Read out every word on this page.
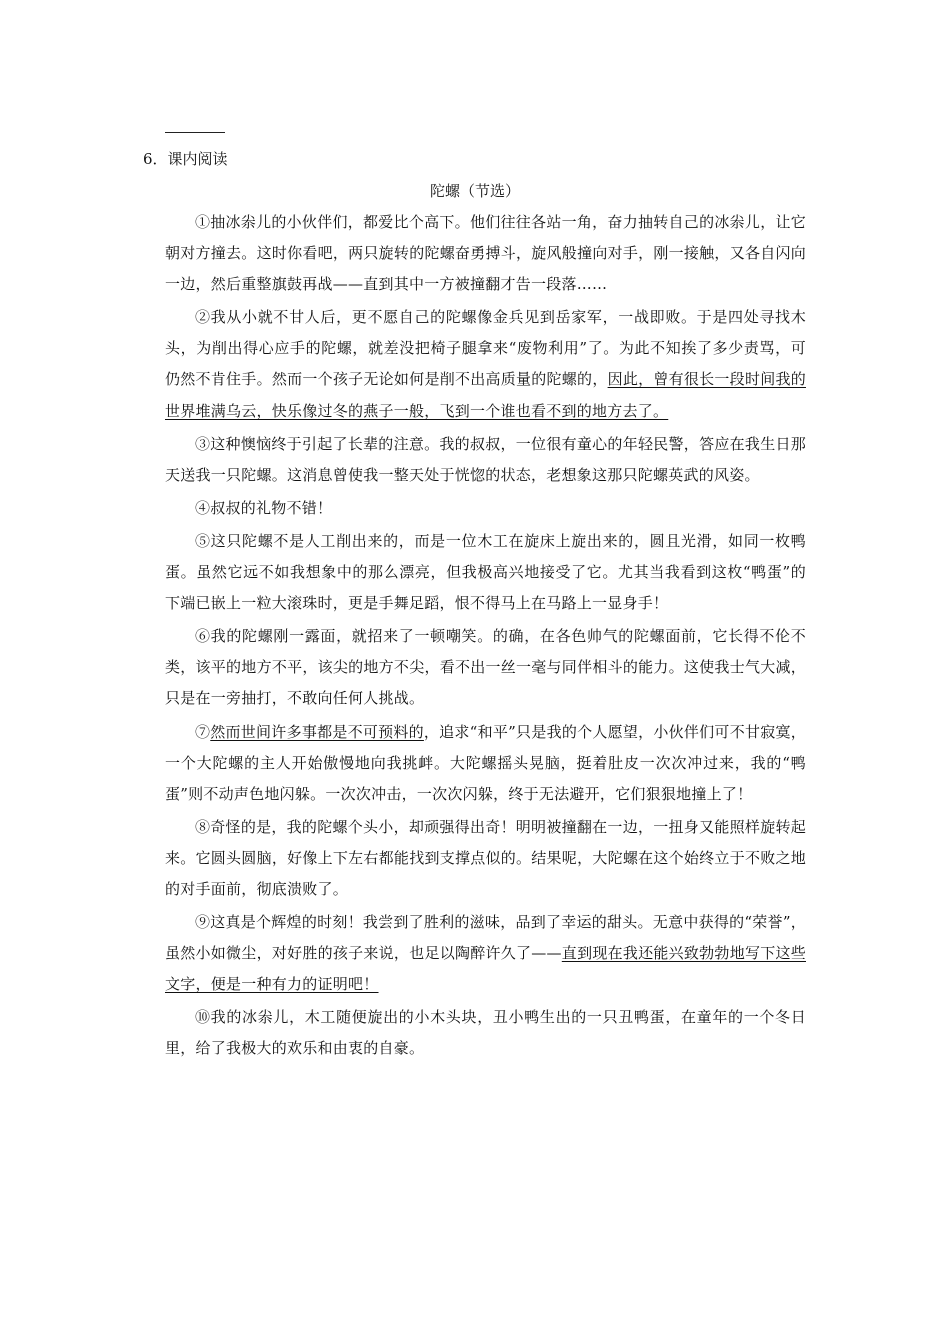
6．课内阅读
陀螺（节选）

①抽冰尜儿的小伙伴们，都爱比个高下。他们往往各站一角，奋力抽转自己的冰尜儿，让它朝对方撞去。这时你看吧，两只旋转的陀螺奋勇搏斗，旋风般撞向对手，刚一接触，又各自闪向一边，然后重整旗鼓再战——直到其中一方被撞翻才告一段落……

②我从小就不甘人后，更不愿自己的陀螺像金兵见到岳家军，一战即败。于是四处寻找木头，为削出得心应手的陀螺，就差没把椅子腿拿来“废物利用”了。为此不知挨了多少责骂，可仍然不肯住手。然而一个孩子无论如何是削不出高质量的陀螺的，因此，曾有很长一段时间我的世界堆满乌云，快乐像过冬的燕子一般，飞到一个谁也看不到的地方去了。

③这种懊恼终于引起了长辈的注意。我的叔叔，一位很有童心的年轻民警，答应在我生日那天送我一只陀螺。这消息曾使我一整天处于恍惚的状态，老想象这那只陀螺英武的风姿。

④叔叔的礼物不错！

⑤这只陀螺不是人工削出来的，而是一位木工在旋床上旋出来的，圆且光滑，如同一枚鸭蛋。虽然它远不如我想象中的那么漂亮，但我极高兴地接受了它。尤其当我看到这枚“鸭蛋”的下端已嵌上一粒大滚珠时，更是手舞足蹈，恨不得马上在马路上一显身手！

⑥我的陀螺刚一露面，就招来了一顿嘲笑。的确，在各色帅气的陀螺面前，它长得不伦不类，该平的地方不平，该尖的地方不尖，看不出一丝一毫与同伴相斗的能力。这使我士气大减，只是在一旁抽打，不敢向任何人挑战。

⑦然而世间许多事都是不可预料的，追求“和平”只是我的个人愿望，小伙伴们可不甘寂寞，一个大陀螺的主人开始傲慢地向我挑衅。大陀螺摇头晃脑，挺着肚皮一次次冲过来，我的“鸭蛋”则不动声色地闪躲。一次次冲击，一次次闪躲，终于无法避开，它们狠狠地撞上了！

⑧奇怪的是，我的陀螺个头小，却顽强得出奇！明明被撞翻在一边，一扭身又能照样旋转起来。它圆头圆脑，好像上下左右都能找到支撑点似的。结果呢，大陀螺在这个始终立于不败之地的对手面前，彻底溃败了。

⑨这真是个辉煌的时刻！我尝到了胜利的滋味，品到了幸运的甜头。无意中获得的“荣誉”，虽然小如微尘，对好胜的孩子来说，也足以陶醉许久了——直到现在我还能兴致勃勃地写下这些文字，便是一种有力的证明吧！

⑩我的冰尜儿，木工随便旋出的小木头块，丑小鸭生出的一只丑鸭蛋，在童年的一个冬日里，给了我极大的欢乐和由衷的自豪。
